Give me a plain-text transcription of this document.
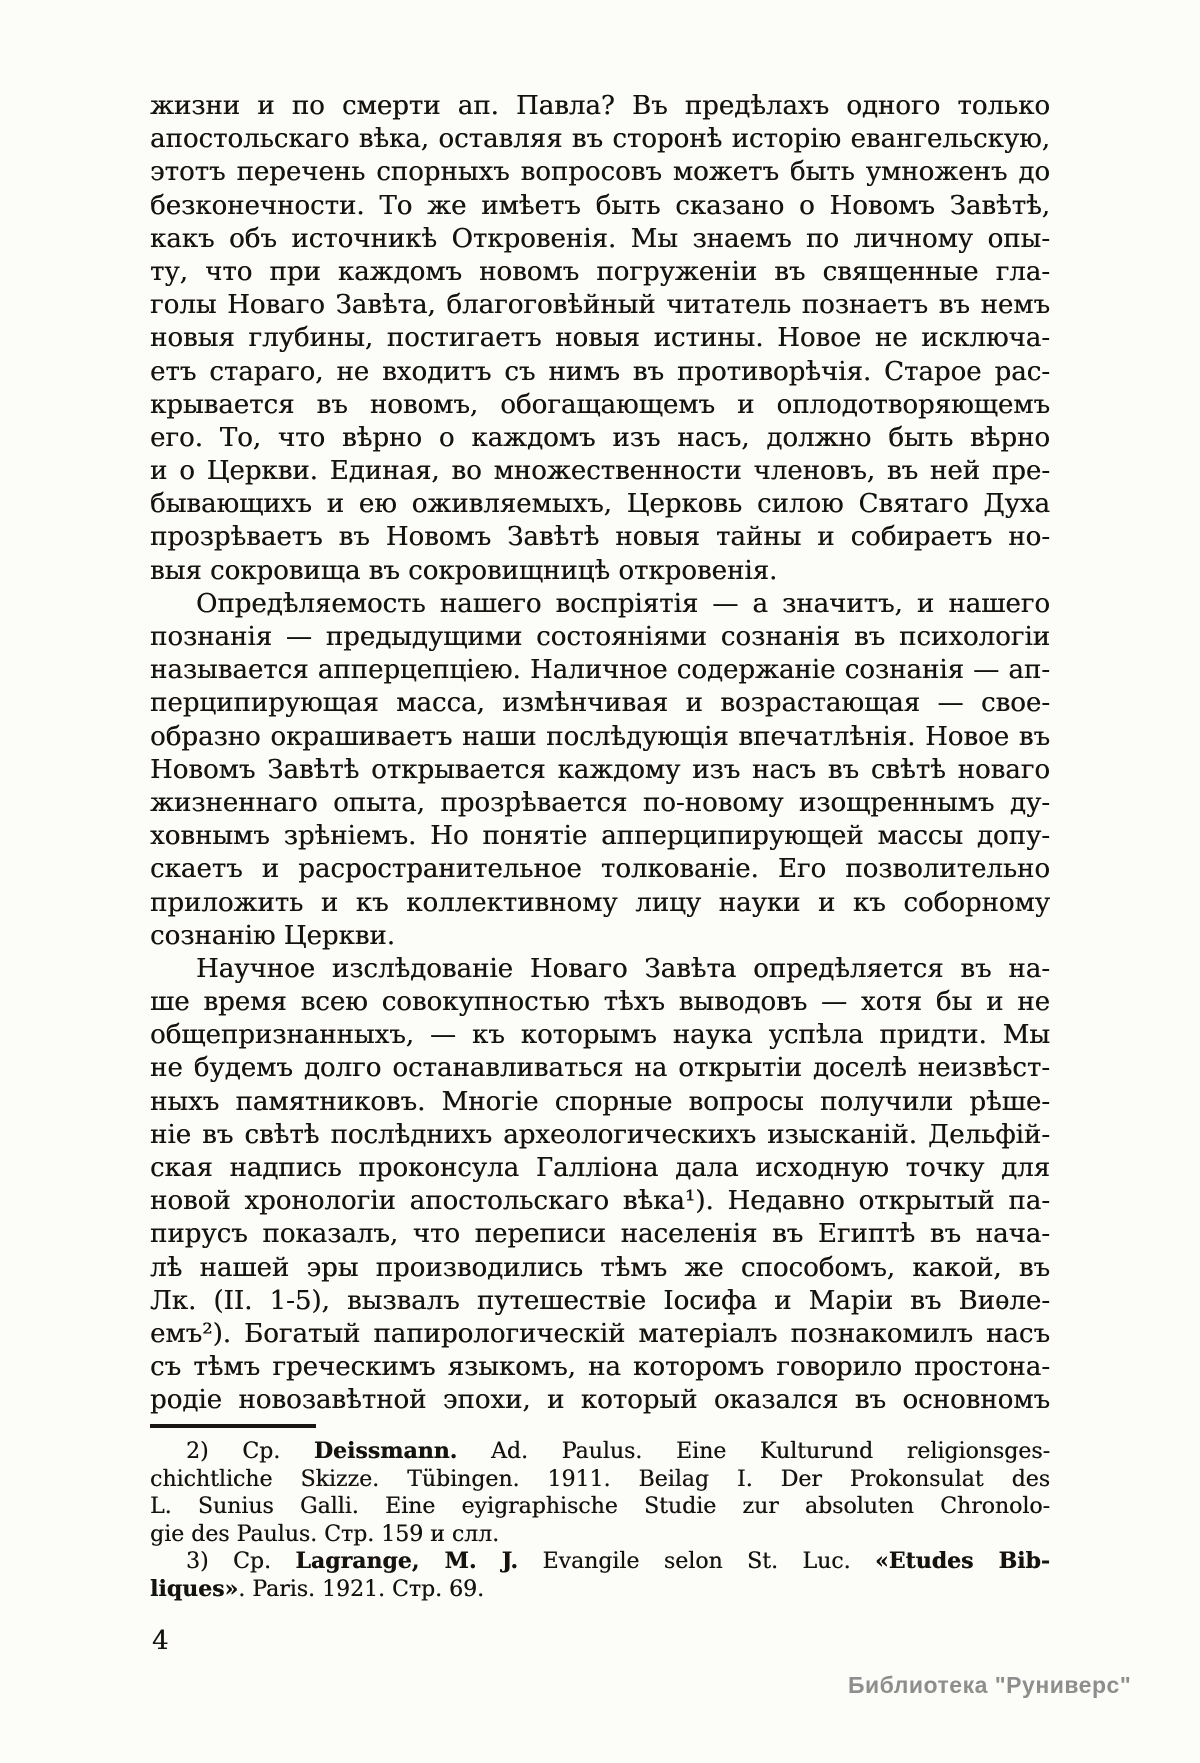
жизни и по смерти ап. Павла? Въ предѣлахъ одного только
апостольскаго вѣка, оставляя въ сторонѣ исторію евангельскую,
этотъ перечень спорныхъ вопросовъ можетъ быть умноженъ до
безконечности. То же имѣетъ быть сказано о Новомъ Завѣтѣ,
какъ объ источникѣ Откровенія. Мы знаемъ по личному опы-
ту, что при каждомъ новомъ погруженіи въ священные гла-
голы Новаго Завѣта, благоговѣйный читатель познаетъ въ немъ
новыя глубины, постигаетъ новыя истины. Новое не исключа-
етъ стараго, не входитъ съ нимъ въ противорѣчія. Старое рас-
крывается въ новомъ, обогащающемъ и оплодотворяющемъ
его. То, что вѣрно о каждомъ изъ насъ, должно быть вѣрно
и о Церкви. Единая, во множественности членовъ, въ ней пре-
бывающихъ и ею оживляемыхъ, Церковь силою Святаго Духа
прозрѣваетъ въ Новомъ Завѣтѣ новыя тайны и собираетъ но-
выя сокровища въ сокровищницѣ откровенія.
Опредѣляемость нашего воспріятія — а значитъ, и нашего
познанія — предыдущими состояніями сознанія въ психологіи
называется апперцепціею. Наличное содержаніе сознанія — ап-
перципирующая масса, измѣнчивая и возрастающая — свое-
образно окрашиваетъ наши послѣдующія впечатлѣнія. Новое въ
Новомъ Завѣтѣ открывается каждому изъ насъ въ свѣтѣ новаго
жизненнаго опыта, прозрѣвается по-новому изощреннымъ ду-
ховнымъ зрѣніемъ. Но понятіе апперципирующей массы допу-
скаетъ и расространительное толкованіе. Его позволительно
приложить и къ коллективному лицу науки и къ соборному
сознанію Церкви.
Научное изслѣдованіе Новаго Завѣта опредѣляется въ на-
ше время всею совокупностью тѣхъ выводовъ — хотя бы и не
общепризнанныхъ, — къ которымъ наука успѣла придти. Мы
не будемъ долго останавливаться на открытіи доселѣ неизвѣст-
ныхъ памятниковъ. Многіе спорные вопросы получили рѣше-
ніе въ свѣтѣ послѣднихъ археологическихъ изысканій. Дельфій-
ская надпись проконсула Галліона дала исходную точку для
новой хронологіи апостольскаго вѣка¹). Недавно открытый па-
пирусъ показалъ, что переписи населенія въ Египтѣ въ нача-
лѣ нашей эры производились тѣмъ же способомъ, какой, въ
Лк. (II. 1-5), вызвалъ путешествіе Іосифа и Маріи въ Виѳле-
емъ²). Богатый папирологическій матеріалъ познакомилъ насъ
съ тѣмъ греческимъ языкомъ, на которомъ говорило простона-
родіе новозавѣтной эпохи, и который оказался въ основномъ
2) Ср. Deissmann. Ad. Paulus. Eine Kulturund religionsges-
chichtliche Skizze. Tübingen. 1911. Beilag I. Der Prokonsulat des
L. Sunius Galli. Eine eyigraphische Studie zur absoluten Chronolo-
gie des Paulus. Стр. 159 и слл.
3) Ср. Lagrange, M. J. Evangile selon St. Luc. «Etudes Bib-
liques». Paris. 1921. Стр. 69.
4
Библиотека "Руниверс"
